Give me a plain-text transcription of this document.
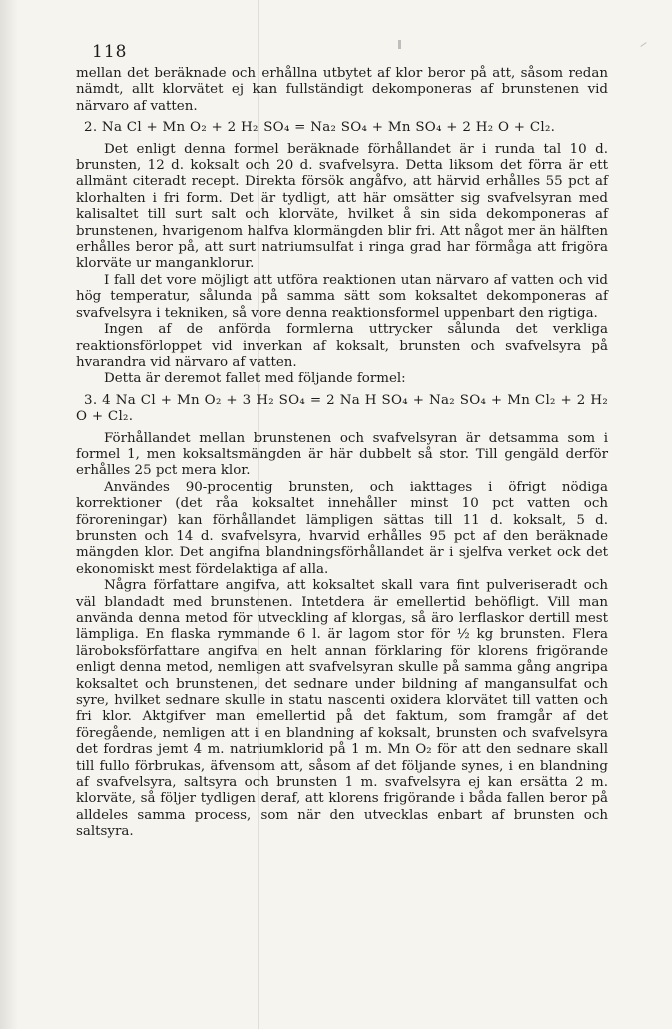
118

mellan det beräknade och erhållna utbytet af klor beror på att, såsom redan nämdt, allt klorvätet ej kan fullständigt dekomponeras af brunstenen vid närvaro af vatten.

2. Na Cl + Mn O₂ + 2 H₂ SO₄ = Na₂ SO₄ + Mn SO₄ + 2 H₂ O + Cl₂.

Det enligt denna formel beräknade förhållandet är i runda tal 10 d. brunsten, 12 d. koksalt och 20 d. svafvelsyra. Detta liksom det förra är ett allmänt citeradt recept. Direkta försök angåfvo, att härvid erhålles 55 pct af klorhalten i fri form. Det är tydligt, att här omsätter sig svafvelsyran med kalisaltet till surt salt och klorväte, hvilket å sin sida dekomponeras af brunstenen, hvarigenom halfva klormängden blir fri. Att något mer än hälften erhålles beror på, att surt natriumsulfat i ringa grad har förmåga att frigöra klorväte ur manganklorur.

I fall det vore möjligt att utföra reaktionen utan närvaro af vatten och vid hög temperatur, sålunda på samma sätt som koksaltet dekomponeras af svafvelsyra i tekniken, så vore denna reaktionsformel uppenbart den rigtiga.

Ingen af de anförda formlerna uttrycker sålunda det verkliga reaktionsförloppet vid inverkan af koksalt, brunsten och svafvelsyra på hvarandra vid närvaro af vatten.

Detta är deremot fallet med följande formel:

3. 4 Na Cl + Mn O₂ + 3 H₂ SO₄ = 2 Na H SO₄ + Na₂ SO₄ + Mn Cl₂ + 2 H₂ O + Cl₂.

Förhållandet mellan brunstenen och svafvelsyran är detsamma som i formel 1, men koksaltsmängden är här dubbelt så stor. Till gengäld derför erhålles 25 pct mera klor.

Användes 90-procentig brunsten, och iakttages i öfrigt nödiga korrektioner (det råa koksaltet innehåller minst 10 pct vatten och föroreningar) kan förhållandet lämpligen sättas till 11 d. koksalt, 5 d. brunsten och 14 d. svafvelsyra, hvarvid erhålles 95 pct af den beräknade mängden klor. Det angifna blandningsförhållandet är i sjelfva verket ock det ekonomiskt mest fördelaktiga af alla.

Några författare angifva, att koksaltet skall vara fint pulveriseradt och väl blandadt med brunstenen. Intetdera är emellertid behöfligt. Vill man använda denna metod för utveckling af klorgas, så äro lerflaskor dertill mest lämpliga. En flaska rymmande 6 l. är lagom stor för ½ kg brunsten. Flera läroboksförfattare angifva en helt annan förklaring för klorens frigörande enligt denna metod, nemligen att svafvelsyran skulle på samma gång angripa koksaltet och brunstenen, det sednare under bildning af mangansulfat och syre, hvilket sednare skulle in statu nascenti oxidera klorvätet till vatten och fri klor. Aktgifver man emellertid på det faktum, som framgår af det föregående, nemligen att i en blandning af koksalt, brunsten och svafvelsyra det fordras jemt 4 m. natriumklorid på 1 m. Mn O₂ för att den sednare skall till fullo förbrukas, äfvensom att, såsom af det följande synes, i en blandning af svafvelsyra, saltsyra och brunsten 1 m. svafvelsyra ej kan ersätta 2 m. klorväte, så följer tydligen deraf, att klorens frigörande i båda fallen beror på alldeles samma process, som när den utvecklas enbart af brunsten och saltsyra.
